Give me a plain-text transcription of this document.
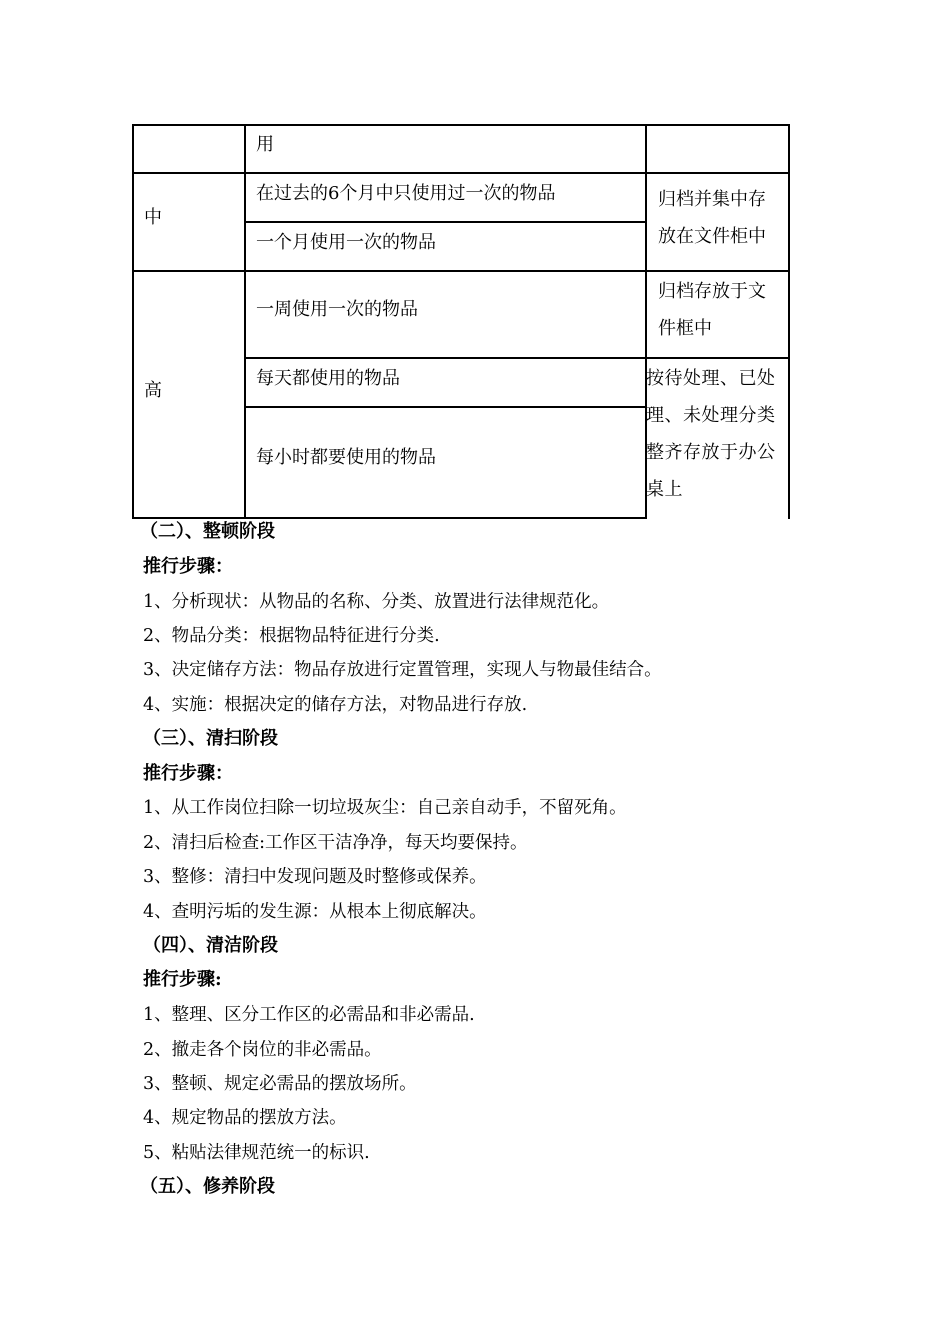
用
中
在过去的6个月中只使用过一次的物品
一个月使用一次的物品
归档并集中存
放在文件柜中
高
一周使用一次的物品
归档存放于文
件框中
每天都使用的物品
每小时都要使用的物品
按待处理、已处
理、未处理分类
整齐存放于办公
桌上
（二）、整顿阶段
推行步骤：
1、分析现状：从物品的名称、分类、放置进行法律规范化。
2、物品分类：根据物品特征进行分类.
3、决定储存方法：物品存放进行定置管理，实现人与物最佳结合。
4、实施：根据决定的储存方法，对物品进行存放.
（三）、清扫阶段
推行步骤：
1、从工作岗位扫除一切垃圾灰尘：自己亲自动手，不留死角。
2、清扫后检查:工作区干洁净净，每天均要保持。
3、整修：清扫中发现问题及时整修或保养。
4、查明污垢的发生源：从根本上彻底解决。
（四）、清洁阶段
推行步骤:
1、整理、区分工作区的必需品和非必需品.
2、撤走各个岗位的非必需品。
3、整顿、规定必需品的摆放场所。
4、规定物品的摆放方法。
5、粘贴法律规范统一的标识.
（五）、修养阶段
